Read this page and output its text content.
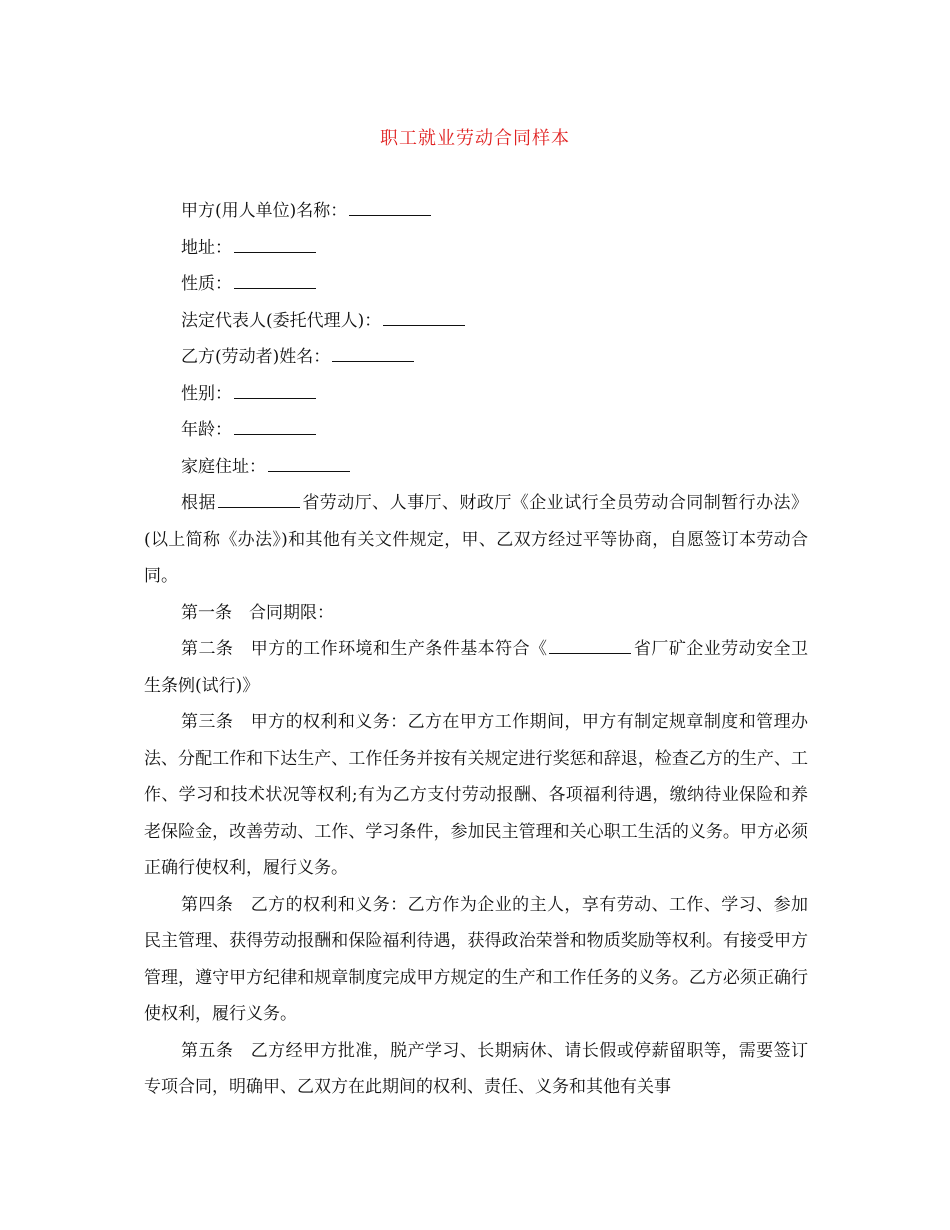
职工就业劳动合同样本

甲方(用人单位)名称：

地址：

性质：

法定代表人(委托代理人)：

乙方(劳动者)姓名：

性别：

年龄：

家庭住址：

根据	省劳动厅、人事厅、财政厅《企业试行全员劳动合同制暂行办法》(以上简称《办法》)和其他有关文件规定，甲、乙双方经过平等协商，自愿签订本劳动合同。

第一条　合同期限：

第二条　甲方的工作环境和生产条件基本符合《	省厂矿企业劳动安全卫生条例(试行)》

第三条　甲方的权利和义务：乙方在甲方工作期间，甲方有制定规章制度和管理办法、分配工作和下达生产、工作任务并按有关规定进行奖惩和辞退，检查乙方的生产、工作、学习和技术状况等权利;有为乙方支付劳动报酬、各项福利待遇，缴纳待业保险和养老保险金，改善劳动、工作、学习条件，参加民主管理和关心职工生活的义务。甲方必须正确行使权利，履行义务。

第四条　乙方的权利和义务：乙方作为企业的主人，享有劳动、工作、学习、参加民主管理、获得劳动报酬和保险福利待遇，获得政治荣誉和物质奖励等权利。有接受甲方管理，遵守甲方纪律和规章制度完成甲方规定的生产和工作任务的义务。乙方必须正确行使权利，履行义务。

第五条　乙方经甲方批准，脱产学习、长期病休、请长假或停薪留职等，需要签订专项合同，明确甲、乙双方在此期间的权利、责任、义务和其他有关事
